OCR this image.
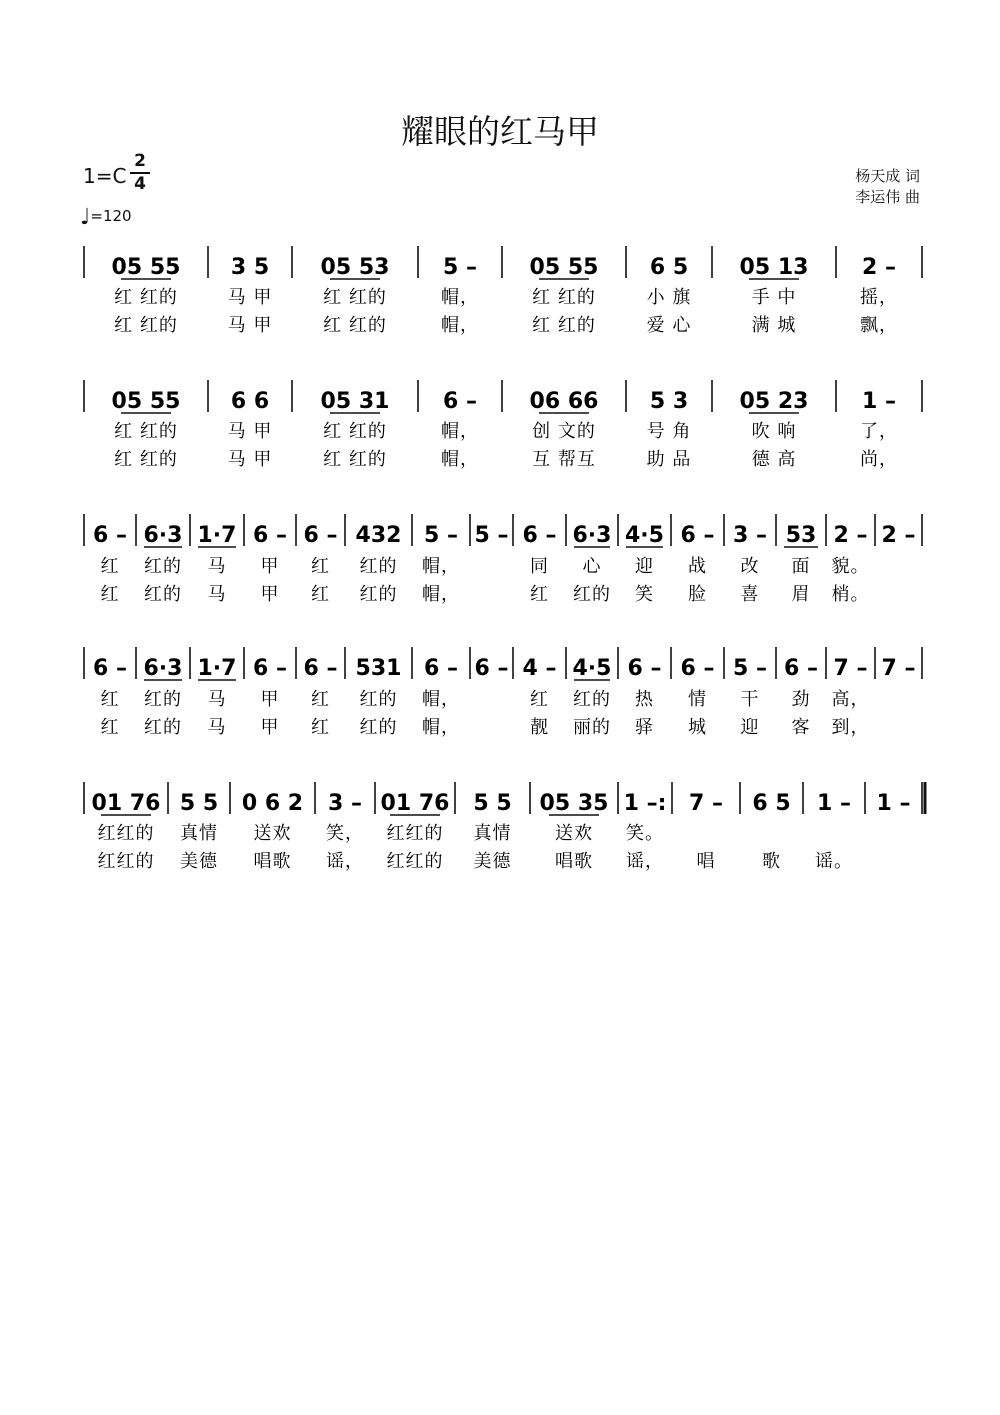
耀眼的红马甲
1=C
2
4
♩=120
杨天成 词
李运伟 曲
05 55
红 红的
红 红的
3 5
马 甲
马 甲
05 53
红 红的
红 红的
5 –
帽，
帽，
05 55
红 红的
红 红的
6 5
小 旗
爱 心
05 13
手 中
满 城
2 –
摇，
飘，
05 55
红 红的
红 红的
6 6
马 甲
马 甲
05 31
红 红的
红 红的
6 –
帽，
帽，
06 66
创 文的
互 帮互
5 3
号 角
助 品
05 23
吹 响
德 高
1 –
了，
尚，
6 –
红
红
6·3
红的
红的
1·7
马
马
6 –
甲
甲
6 –
红
红
432
红的
红的
5 –
帽，
帽，
5 – 6 –
同
红
6·3
心
红的
4·5
迎
笑
6 –
战
脸
3 –
改
喜
53
面
眉
2 –
貌。
梢。
2 –
6 –
红
红
6·3
红的
红的
1·7
马
马
6 –
甲
甲
6 –
红
红
531
红的
红的
6 –
帽，
帽，
6 – 4 –
红
靓
4·5
红的
丽的
6 –
热
驿
6 –
情
城
5 –
干
迎
6 –
劲
客
7 –
高，
到，
7 –
01 76
红红的
红红的
5 5
真情
美德
0 6 2
送欢
唱歌
3 –
笑，
谣，
01 76
红红的
红红的
5 5
真情
美德
05 35
送欢
唱歌
1 –:
笑。
谣，
7 –
唱
6 5
歌
1 –
谣。
1 –
